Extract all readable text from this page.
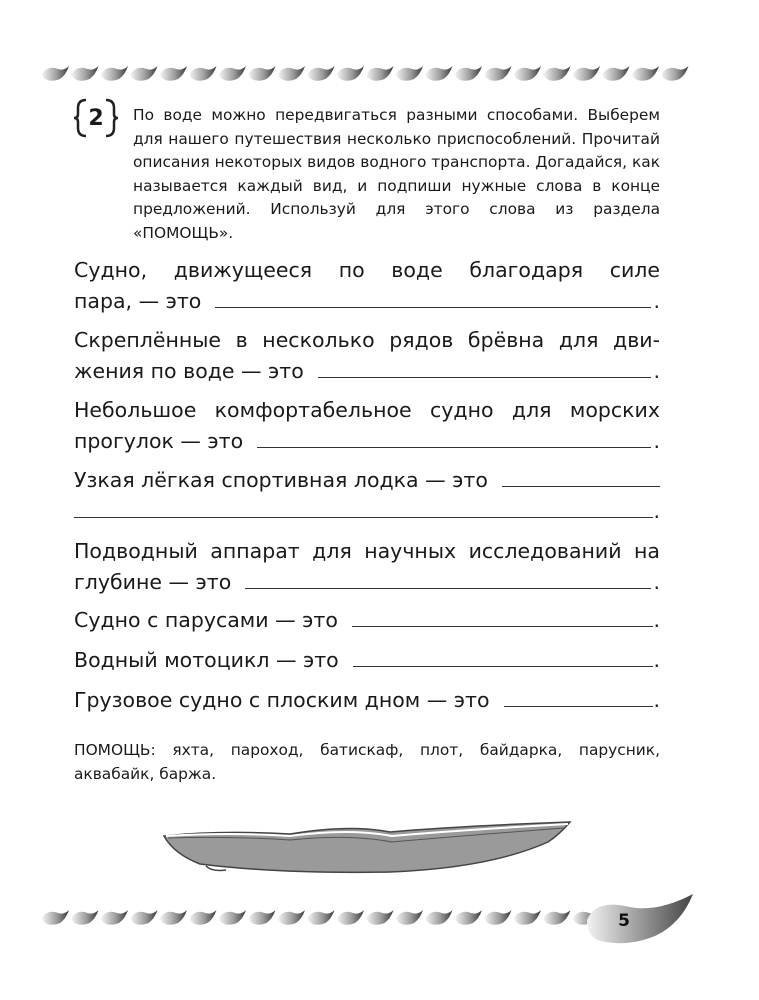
2	По воде можно передвигаться разными способами. Выберем для нашего путешествия несколько приспособлений. Прочитай описания некоторых видов водного транспорта. Догадайся, как называется каждый вид, и подпиши нужные слова в конце предложений. Используй для этого слова из раздела «ПОМОЩЬ».
Судно, движущееся по воде благодаря силе
пара, — это	.
Скреплённые в несколько рядов брёвна для дви-
жения по воде — это	.
Небольшое комфортабельное судно для морских
прогулок — это	.
Узкая лёгкая спортивная лодка — это
.
Подводный аппарат для научных исследований на
глубине — это	.
Судно с парусами — это	.
Водный мотоцикл — это	.
Грузовое судно с плоским дном — это	.
ПОМОЩЬ: яхта, пароход, батискаф, плот, байдарка, парусник, аквабайк, баржа.
5
